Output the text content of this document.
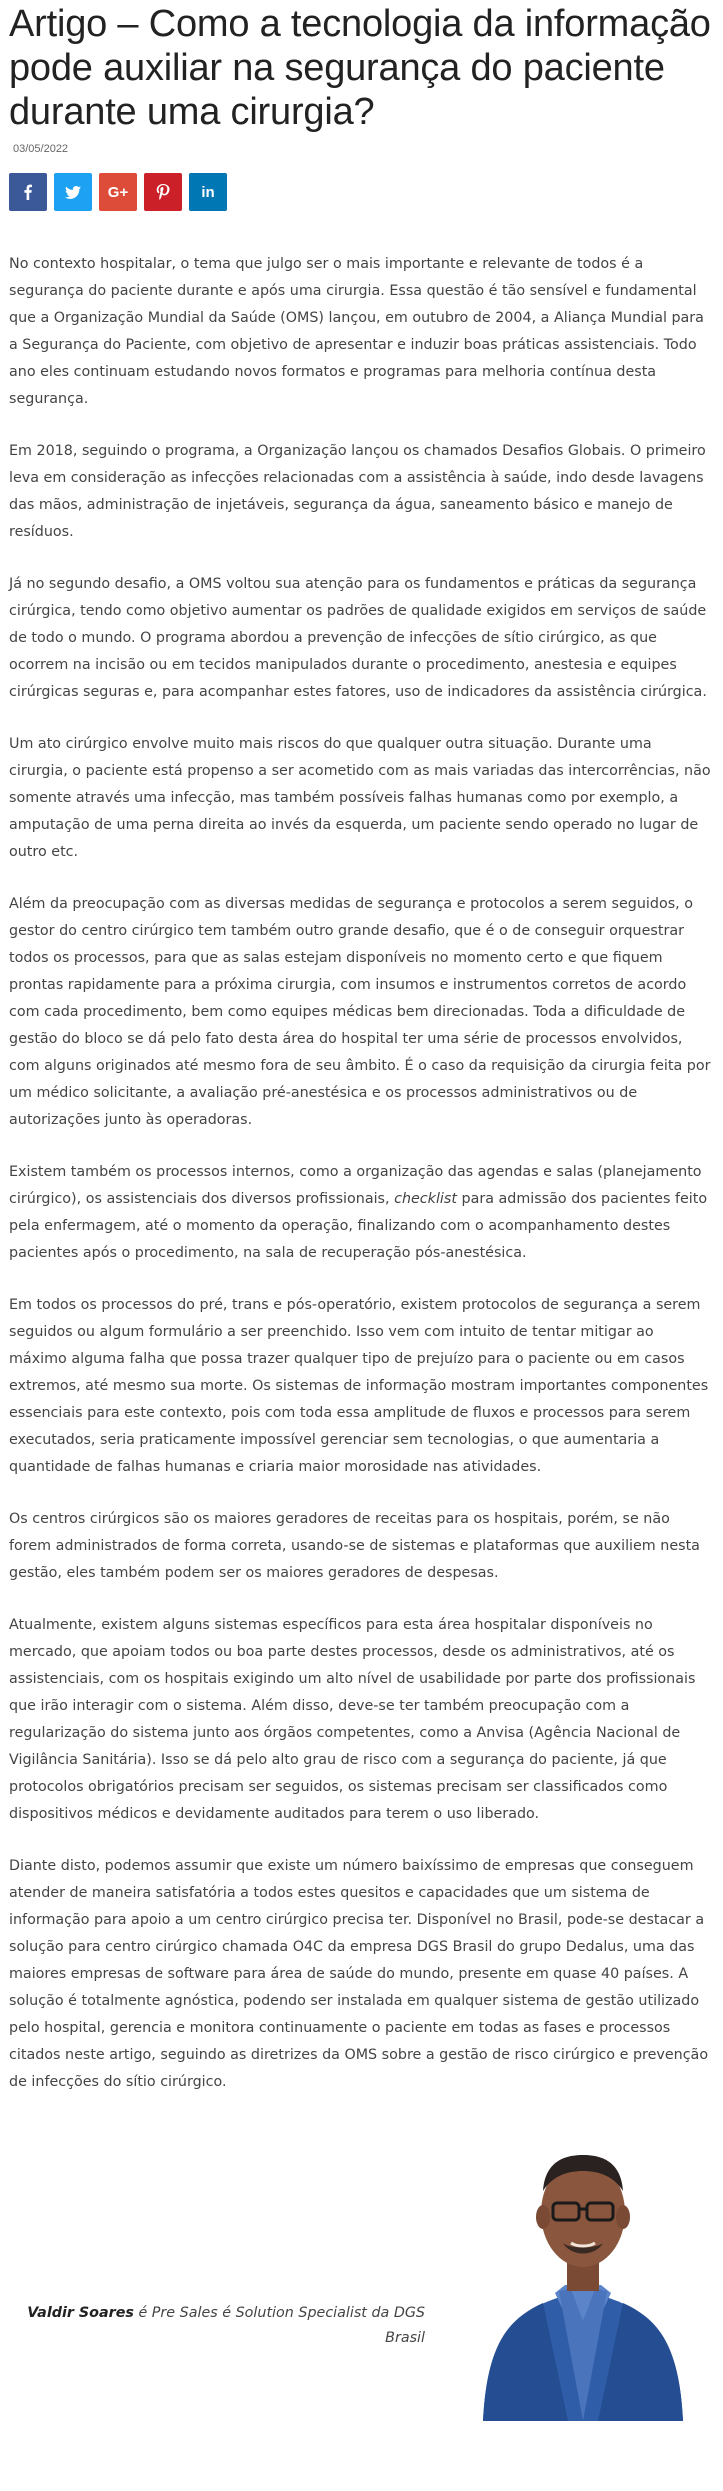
Artigo – Como a tecnologia da informação pode auxiliar na segurança do paciente durante uma cirurgia?
03/05/2022
G+	in

No contexto hospitalar, o tema que julgo ser o mais importante e relevante de todos é a segurança do paciente durante e após uma cirurgia. Essa questão é tão sensível e fundamental que a Organização Mundial da Saúde (OMS) lançou, em outubro de 2004, a Aliança Mundial para a Segurança do Paciente, com objetivo de apresentar e induzir boas práticas assistenciais. Todo ano eles continuam estudando novos formatos e programas para melhoria contínua desta segurança.

Em 2018, seguindo o programa, a Organização lançou os chamados Desafios Globais. O primeiro leva em consideração as infecções relacionadas com a assistência à saúde, indo desde lavagens das mãos, administração de injetáveis, segurança da água, saneamento básico e manejo de resíduos.

Já no segundo desafio, a OMS voltou sua atenção para os fundamentos e práticas da segurança cirúrgica, tendo como objetivo aumentar os padrões de qualidade exigidos em serviços de saúde de todo o mundo. O programa abordou a prevenção de infecções de sítio cirúrgico, as que ocorrem na incisão ou em tecidos manipulados durante o procedimento, anestesia e equipes cirúrgicas seguras e, para acompanhar estes fatores, uso de indicadores da assistência cirúrgica.

Um ato cirúrgico envolve muito mais riscos do que qualquer outra situação. Durante uma cirurgia, o paciente está propenso a ser acometido com as mais variadas das intercorrências, não somente através uma infecção, mas também possíveis falhas humanas como por exemplo, a amputação de uma perna direita ao invés da esquerda, um paciente sendo operado no lugar de outro etc.

Além da preocupação com as diversas medidas de segurança e protocolos a serem seguidos, o gestor do centro cirúrgico tem também outro grande desafio, que é o de conseguir orquestrar todos os processos, para que as salas estejam disponíveis no momento certo e que fiquem prontas rapidamente para a próxima cirurgia, com insumos e instrumentos corretos de acordo com cada procedimento, bem como equipes médicas bem direcionadas. Toda a dificuldade de gestão do bloco se dá pelo fato desta área do hospital ter uma série de processos envolvidos, com alguns originados até mesmo fora de seu âmbito. É o caso da requisição da cirurgia feita por um médico solicitante, a avaliação pré-anestésica e os processos administrativos ou de autorizações junto às operadoras.

Existem também os processos internos, como a organização das agendas e salas (planejamento cirúrgico), os assistenciais dos diversos profissionais, checklist para admissão dos pacientes feito pela enfermagem, até o momento da operação, finalizando com o acompanhamento destes pacientes após o procedimento, na sala de recuperação pós-anestésica.

Em todos os processos do pré, trans e pós-operatório, existem protocolos de segurança a serem seguidos ou algum formulário a ser preenchido. Isso vem com intuito de tentar mitigar ao máximo alguma falha que possa trazer qualquer tipo de prejuízo para o paciente ou em casos extremos, até mesmo sua morte. Os sistemas de informação mostram importantes componentes essenciais para este contexto, pois com toda essa amplitude de fluxos e processos para serem executados, seria praticamente impossível gerenciar sem tecnologias, o que aumentaria a quantidade de falhas humanas e criaria maior morosidade nas atividades.

Os centros cirúrgicos são os maiores geradores de receitas para os hospitais, porém, se não forem administrados de forma correta, usando-se de sistemas e plataformas que auxiliem nesta gestão, eles também podem ser os maiores geradores de despesas.

Atualmente, existem alguns sistemas específicos para esta área hospitalar disponíveis no mercado, que apoiam todos ou boa parte destes processos, desde os administrativos, até os assistenciais, com os hospitais exigindo um alto nível de usabilidade por parte dos profissionais que irão interagir com o sistema. Além disso, deve-se ter também preocupação com a regularização do sistema junto aos órgãos competentes, como a Anvisa (Agência Nacional de Vigilância Sanitária). Isso se dá pelo alto grau de risco com a segurança do paciente, já que protocolos obrigatórios precisam ser seguidos, os sistemas precisam ser classificados como dispositivos médicos e devidamente auditados para terem o uso liberado.

Diante disto, podemos assumir que existe um número baixíssimo de empresas que conseguem atender de maneira satisfatória a todos estes quesitos e capacidades que um sistema de informação para apoio a um centro cirúrgico precisa ter. Disponível no Brasil, pode-se destacar a solução para centro cirúrgico chamada O4C da empresa DGS Brasil do grupo Dedalus, uma das maiores empresas de software para área de saúde do mundo, presente em quase 40 países. A solução é totalmente agnóstica, podendo ser instalada em qualquer sistema de gestão utilizado pelo hospital, gerencia e monitora continuamente o paciente em todas as fases e processos citados neste artigo, seguindo as diretrizes da OMS sobre a gestão de risco cirúrgico e prevenção de infecções do sítio cirúrgico.

Valdir Soares é Pre Sales é Solution Specialist da DGS
Brasil
